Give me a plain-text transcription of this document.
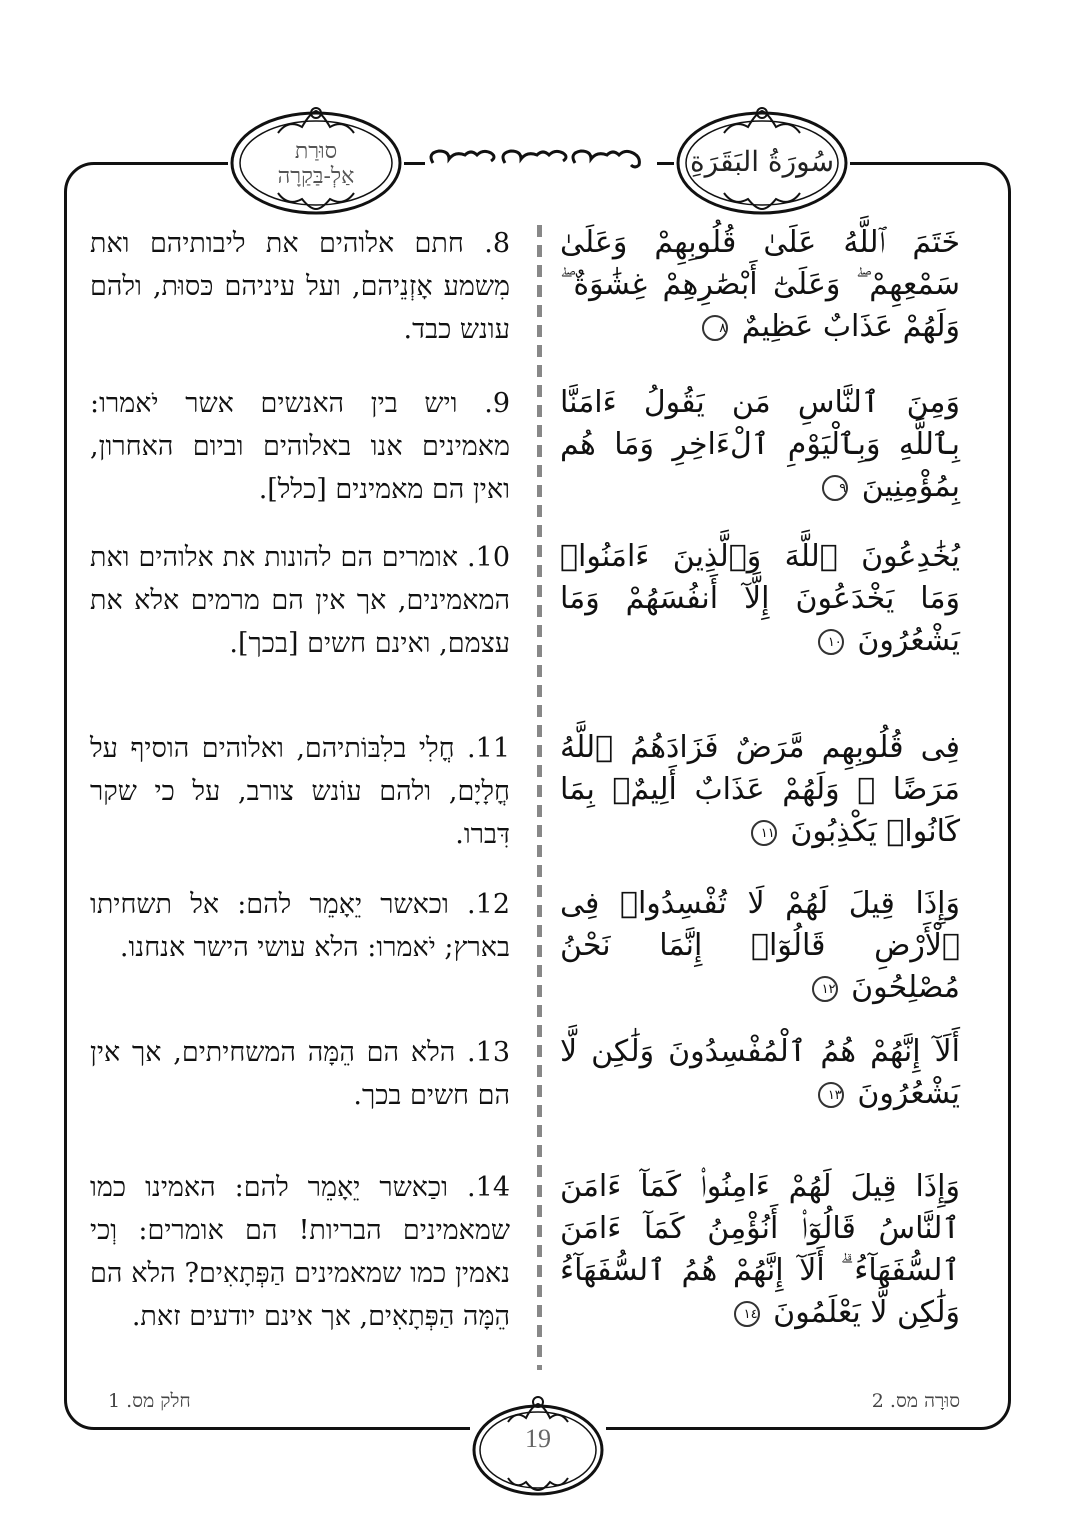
סוּרַת
אַלְ-בַּקַרָה	سُورَةُ البَقَرَةِ
8. חתם אלוהים את ליבותיהם ואת מִשמע אָזְנֵיהם, ועל עיניהם כּסוּת, ולהם עונש כבד.
خَتَمَ ٱللَّهُ عَلَىٰ قُلُوبِهِمْ وَعَلَىٰ سَمْعِهِمْ ۖ وَعَلَىٰٓ أَبْصَٰرِهِمْ غِشَٰوَةٌ ۖ وَلَهُمْ عَذَابٌ عَظِيمٌ ٨
9. ויש בין האנשים אשר יֹאמרו: מאמינים אנו באלוהים וביום האחרון, ואין הם מאמינים [כלל].
وَمِنَ ٱلنَّاسِ مَن يَقُولُ ءَامَنَّا بِٱللَّهِ وَبِٱلْيَوْمِ ٱلْءَاخِرِ وَمَا هُم بِمُؤْمِنِينَ ٩
10. אומרים הם להונות את אלוהים ואת המאמינים, אך אין הם מרמים אלא את עצמם, ואינם חשים [בכך].
يُخَٰدِعُونَ ٱللَّهَ وَٱلَّذِينَ ءَامَنُوا۟ وَمَا يَخْدَعُونَ إِلَّآ أَنفُسَهُمْ وَمَا يَشْعُرُونَ ١٠
11. חֳלִי בלִבּוֹתיהם, ואלוהים הוסיף על חֳלָיָם, ולהם עוֹנש צורב, על כי שקר דִּברו.
فِى قُلُوبِهِم مَّرَضٌ فَزَادَهُمُ ٱللَّهُ مَرَضًا ۖ وَلَهُمْ عَذَابٌ أَلِيمٌۢ بِمَا كَانُوا۟ يَكْذِبُونَ ١١
12. וכאשר יֵאָמֵר להם: אל תשחיתו בארץ; יֹאמרו: הלא עושי הישר אנחנו.
وَإِذَا قِيلَ لَهُمْ لَا تُفْسِدُوا۟ فِى ٱلْأَرْضِ قَالُوٓا۟ إِنَّمَا نَحْنُ مُصْلِحُونَ ١٢
13. הלא הם הֵמָּה המשחיתים, אך אין הם חשים בכך.
أَلَآ إِنَّهُمْ هُمُ ٱلْمُفْسِدُونَ وَلَٰكِن لَّا يَشْعُرُونَ ١٣
14. וכַאשר יֵאָמֵר להם: האמינו כמו שמאמינים הבריות! הם אומרים: וְכי נאמין כמו שמאמינים הַפְּתָאִים? הלא הם הֵמָּה הַפְּתָאִים, אך אינם יודעים זאת.
وَإِذَا قِيلَ لَهُمْ ءَامِنُوا۟ كَمَآ ءَامَنَ ٱلنَّاسُ قَالُوٓا۟ أَنُؤْمِنُ كَمَآ ءَامَنَ ٱلسُّفَهَآءُ ۗ أَلَآ إِنَّهُمْ هُمُ ٱلسُّفَهَآءُ وَلَٰكِن لَّا يَعْلَمُونَ ١٤
סוּרָה מס. 2
חלק מס. 1
19
